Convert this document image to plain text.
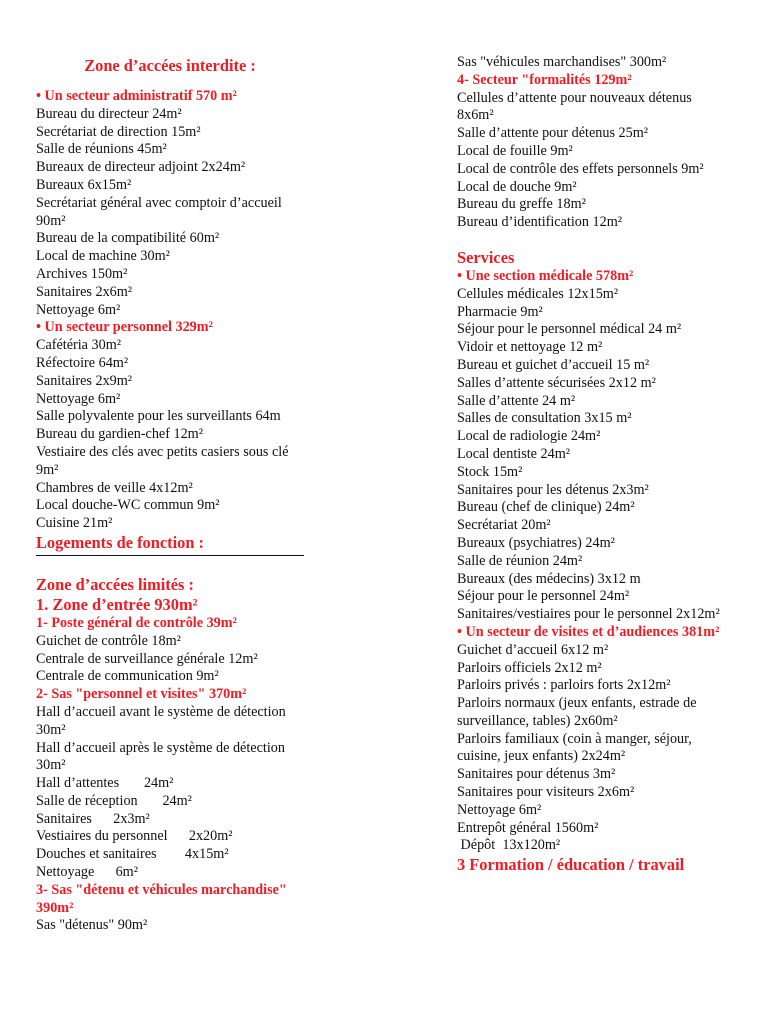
Zone d’accées interdite :
• Un secteur administratif 570 m²
Bureau du directeur 24m²
Secrétariat de direction 15m²
Salle de réunions 45m²
Bureaux de directeur adjoint 2x24m²
Bureaux 6x15m²
Secrétariat général avec comptoir d’accueil 90m²
Bureau de la compatibilité 60m²
Local de machine 30m²
Archives 150m²
Sanitaires 2x6m²
Nettoyage 6m²
• Un secteur personnel 329m²
Cafétéria 30m²
Réfectoire 64m²
Sanitaires 2x9m²
Nettoyage 6m²
Salle polyvalente pour les surveillants 64m
Bureau du gardien-chef 12m²
Vestiaire des clés avec petits casiers sous clé 9m²
Chambres de veille 4x12m²
Local douche-WC commun 9m²
Cuisine 21m²
Logements de fonction :
Zone d’accées limités :
1. Zone d’entrée 930m²
1- Poste général de contrôle 39m²
Guichet de contrôle 18m²
Centrale de surveillance générale 12m²
Centrale de communication 9m²
2- Sas "personnel et visites" 370m²
Hall d’accueil avant le système de détection      30m²
Hall d’accueil après le système de détection    30m²
Hall d’attentes       24m²
Salle de réception       24m²
Sanitaires      2x3m²
Vestiaires du personnel      2x20m²
Douches et sanitaires        4x15m²
Nettoyage      6m²
3- Sas "détenu et véhicules marchandise" 390m²
Sas "détenus" 90m²
Sas "véhicules marchandises" 300m²
4- Secteur "formalités 129m²
Cellules d’attente pour nouveaux détenus 8x6m²
Salle d’attente pour détenus 25m²
Local de fouille 9m²
Local de contrôle des effets personnels 9m²
Local de douche 9m²
Bureau du greffe 18m²
Bureau d’identification 12m²
Services
• Une section médicale 578m²
Cellules médicales 12x15m²
Pharmacie 9m²
Séjour pour le personnel médical 24 m²
Vidoir et nettoyage 12 m²
Bureau et guichet d’accueil 15 m²
Salles d’attente sécurisées 2x12 m²
Salle d’attente 24 m²
Salles de consultation 3x15 m²
Local de radiologie 24m²
Local dentiste 24m²
Stock 15m²
Sanitaires pour les détenus 2x3m²
Bureau (chef de clinique) 24m²
Secrétariat 20m²
Bureaux (psychiatres) 24m²
Salle de réunion 24m²
Bureaux (des médecins) 3x12 m
Séjour pour le personnel 24m²
Sanitaires/vestiaires pour le personnel 2x12m²
• Un secteur de visites et d’audiences 381m²
Guichet d’accueil 6x12 m²
Parloirs officiels 2x12 m²
Parloirs privés : parloirs forts 2x12m²
Parloirs normaux (jeux enfants, estrade de surveillance, tables) 2x60m²
Parloirs familiaux (coin à manger, séjour, cuisine, jeux enfants) 2x24m²
Sanitaires pour détenus 3m²
Sanitaires pour visiteurs 2x6m²
Nettoyage 6m²
Entrepôt général 1560m²
Dépôt  13x120m²
3 Formation / éducation / travail
